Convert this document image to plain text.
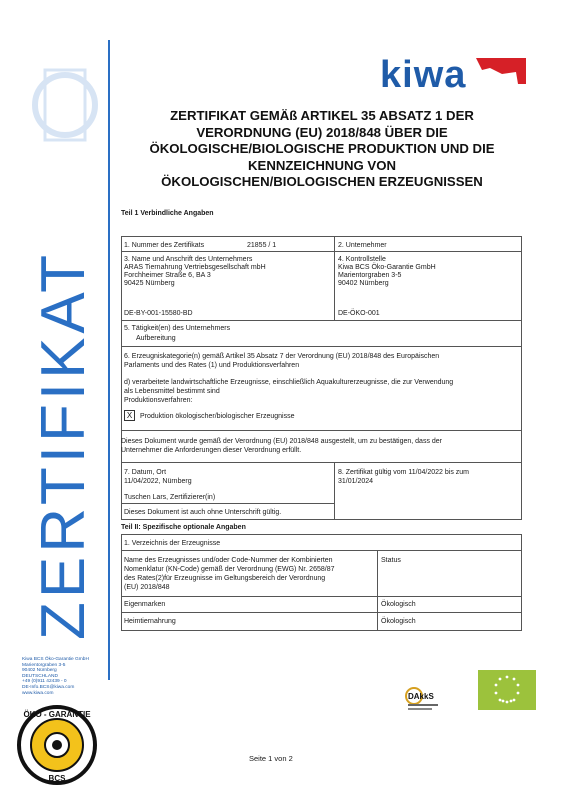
ZERTIFIKAT
kiwa
ZERTIFIKAT GEMÄß ARTIKEL 35 ABSATZ 1 DER
VERORDNUNG (EU) 2018/848 ÜBER DIE
ÖKOLOGISCHE/BIOLOGISCHE PRODUKTION UND DIE
KENNZEICHNUNG VON
ÖKOLOGISCHEN/BIOLOGISCHEN ERZEUGNISSEN
Teil 1 Verbindliche Angaben
1. Nummer des Zertifikats	21855 / 1	2. Unternehmer
3. Name und Anschrift des Unternehmers
ARAS Tiernahrung Vertriebsgesellschaft mbH
Forchheimer Straße 6, BA 3
90425 Nürnberg
DE-BY-001-15580-BD
4. Kontrollstelle
Kiwa BCS Öko-Garantie GmbH
Marientorgraben 3-5
90402 Nürnberg
DE-ÖKO-001
5. Tätigkeit(en) des Unternehmers
Aufbereitung
6. Erzeugniskategorie(n) gemäß Artikel 35 Absatz 7 der Verordnung (EU) 2018/848 des Europäischen
Parlaments und des Rates (1) und Produktionsverfahren
d) verarbeitete landwirtschaftliche Erzeugnisse, einschließlich Aquakulturerzeugnisse, die zur Verwendung
als Lebensmittel bestimmt sind
Produktionsverfahren:
X	Produktion ökologischer/biologischer Erzeugnisse
Dieses Dokument wurde gemäß der Verordnung (EU) 2018/848 ausgestellt, um zu bestätigen, dass der
Unternehmer die Anforderungen dieser Verordnung erfüllt.
7. Datum, Ort
11/04/2022, Nürnberg
Tuschen Lars, Zertifizierer(in)
Dieses Dokument ist auch ohne Unterschrift gültig.
8. Zertifikat gültig vom 11/04/2022 bis zum
31/01/2024
Teil II: Spezifische optionale Angaben
1. Verzeichnis der Erzeugnisse
Name des Erzeugnisses und/oder Code-Nummer der Kombinierten
Nomenklatur (KN-Code) gemäß der Verordnung (EWG) Nr. 2658/87
des Rates(2)für Erzeugnisse im Geltungsbereich der Verordnung
(EU) 2018/848
Status
Eigenmarken	Ökologisch
Heimtiernahrung	Ökologisch
Kiwa BCS Öko-Garantie GmbH
Marientorgraben 3-5
90402 Nürnberg
DEUTSCHLAND
+49 (0)911 42439 - 0
DE-Info.BCS@kiwa.com
www.kiwa.com
ÖKO - GARANTIE
BCS
DAkkS
Seite 1 von 2
